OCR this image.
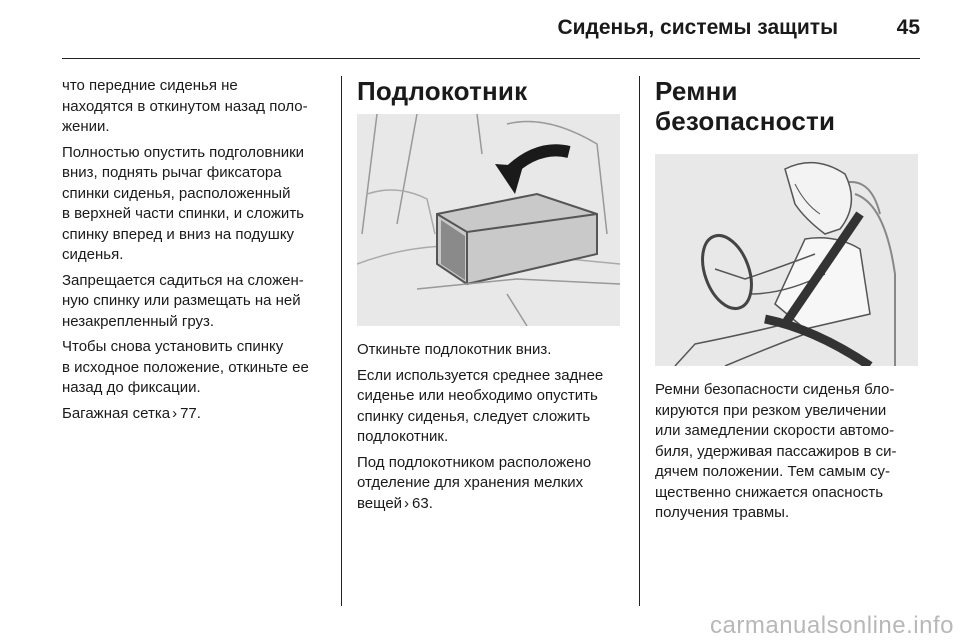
Сиденья, системы защиты	45

что передние сиденья не
находятся в откинутом назад поло-
жении.

Полностью опустить подголовники
вниз, поднять рычаг фиксатора
спинки сиденья, расположенный
в верхней части спинки, и сложить
спинку вперед и вниз на подушку
сиденья.

Запрещается садиться на сложен-
ную спинку или размещать на ней
незакрепленный груз.

Чтобы снова установить спинку
в исходное положение, откиньте ее
назад до фиксации.

Багажная сетка › 77.

Подлокотник

Откиньте подлокотник вниз.

Если используется среднее заднее
сиденье или необходимо опустить
спинку сиденья, следует сложить
подлокотник.

Под подлокотником расположено
отделение для хранения мелких
вещей › 63.

Ремни безопасности

Ремни безопасности сиденья бло-
кируются при резком увеличении
или замедлении скорости автомо-
биля, удерживая пассажиров в си-
дячем положении. Тем самым су-
щественно снижается опасность
получения травмы.

carmanualsonline.info
